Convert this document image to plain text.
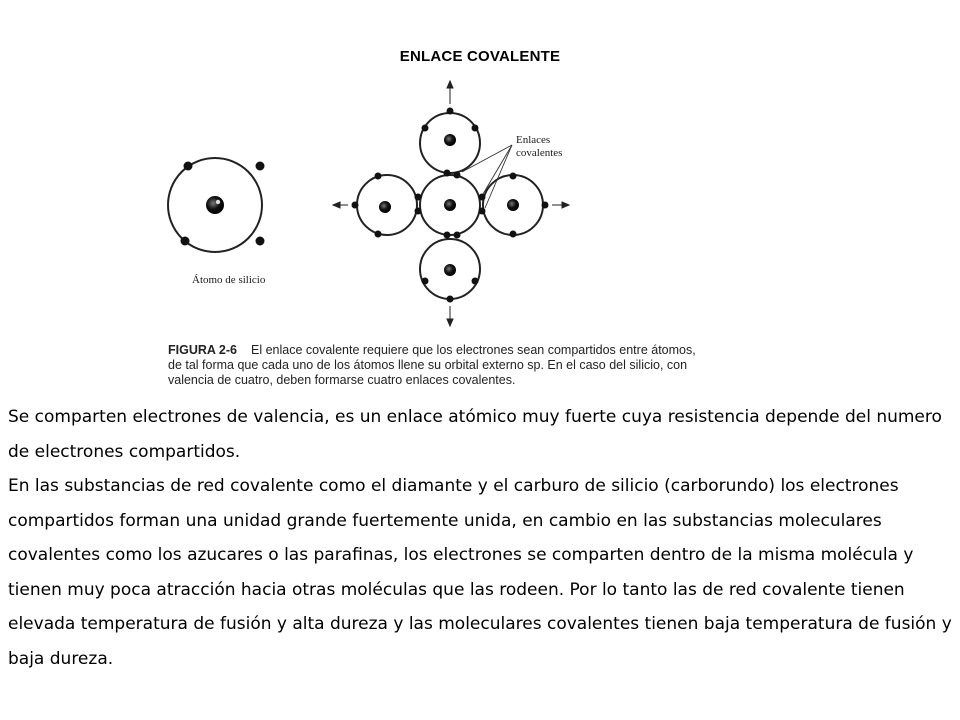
ENLACE COVALENTE
Átomo de silicio
Enlaces
covalentes
FIGURA 2-6 El enlace covalente requiere que los electrones sean compartidos entre átomos,
de tal forma que cada uno de los átomos llene su orbital externo sp. En el caso del silicio, con
valencia de cuatro, deben formarse cuatro enlaces covalentes.

Se comparten electrones de valencia, es un enlace atómico muy fuerte cuya resistencia depende del numero de electrones compartidos.

En las substancias de red covalente como el diamante y el carburo de silicio (carborundo) los electrones compartidos forman una unidad grande fuertemente unida, en cambio en las substancias moleculares covalentes como los azucares o las parafinas, los electrones se comparten dentro de la misma molécula y tienen muy poca atracción hacia otras moléculas que las rodeen. Por lo tanto las de red covalente tienen elevada temperatura de fusión y alta dureza y las moleculares covalentes tienen baja temperatura de fusión y baja dureza.
